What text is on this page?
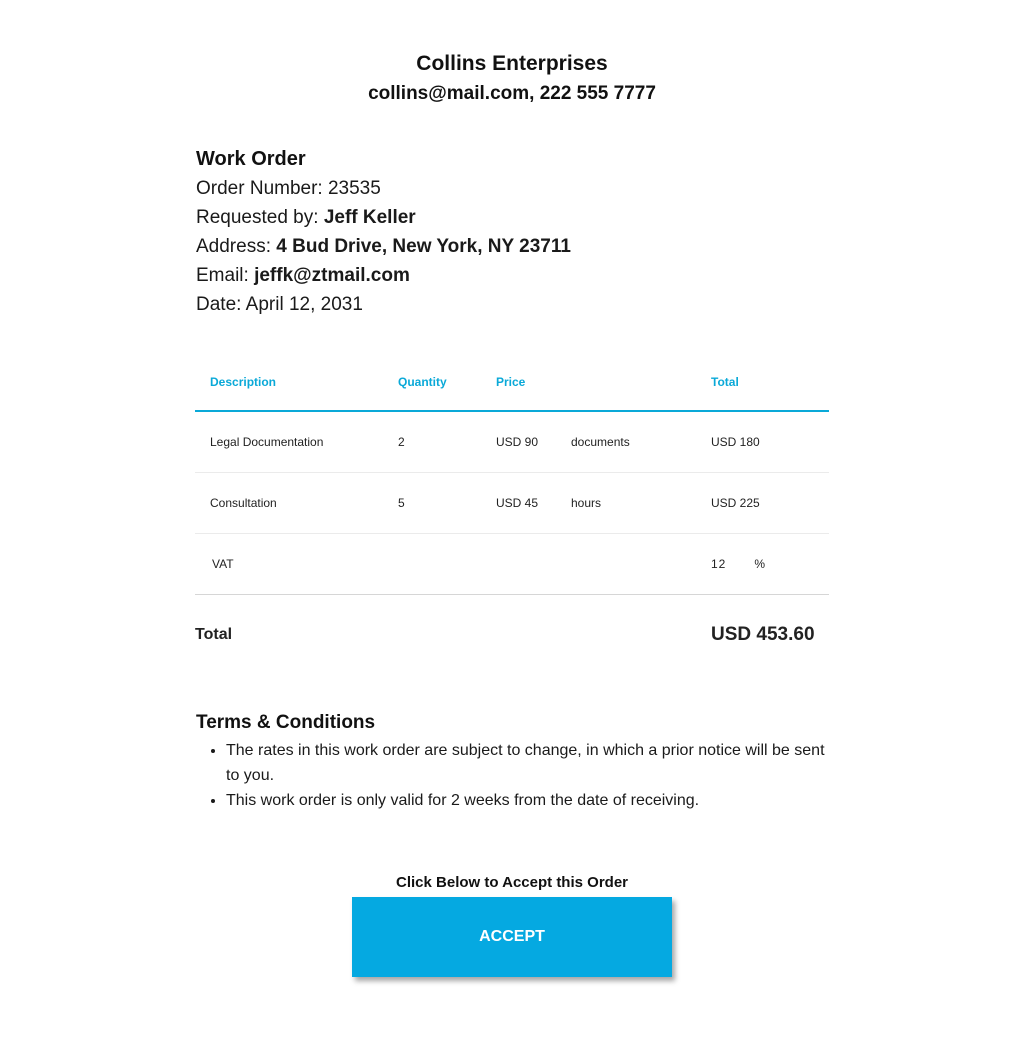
Collins Enterprises
collins@mail.com, 222 555 7777
Work Order
Order Number: 23535
Requested by: Jeff Keller
Address: 4 Bud Drive, New York, NY 23711
Email: jeffk@ztmail.com
Date: April 12, 2031
Description	Quantity	Price		Total
Legal Documentation	2	USD 90	documents	USD 180
Consultation	5	USD 45	hours	USD 225
VAT				12 %
Total				USD 453.60
Terms & Conditions
• The rates in this work order are subject to change, in which a prior notice will be sent to you.
• This work order is only valid for 2 weeks from the date of receiving.
Click Below to Accept this Order
ACCEPT
